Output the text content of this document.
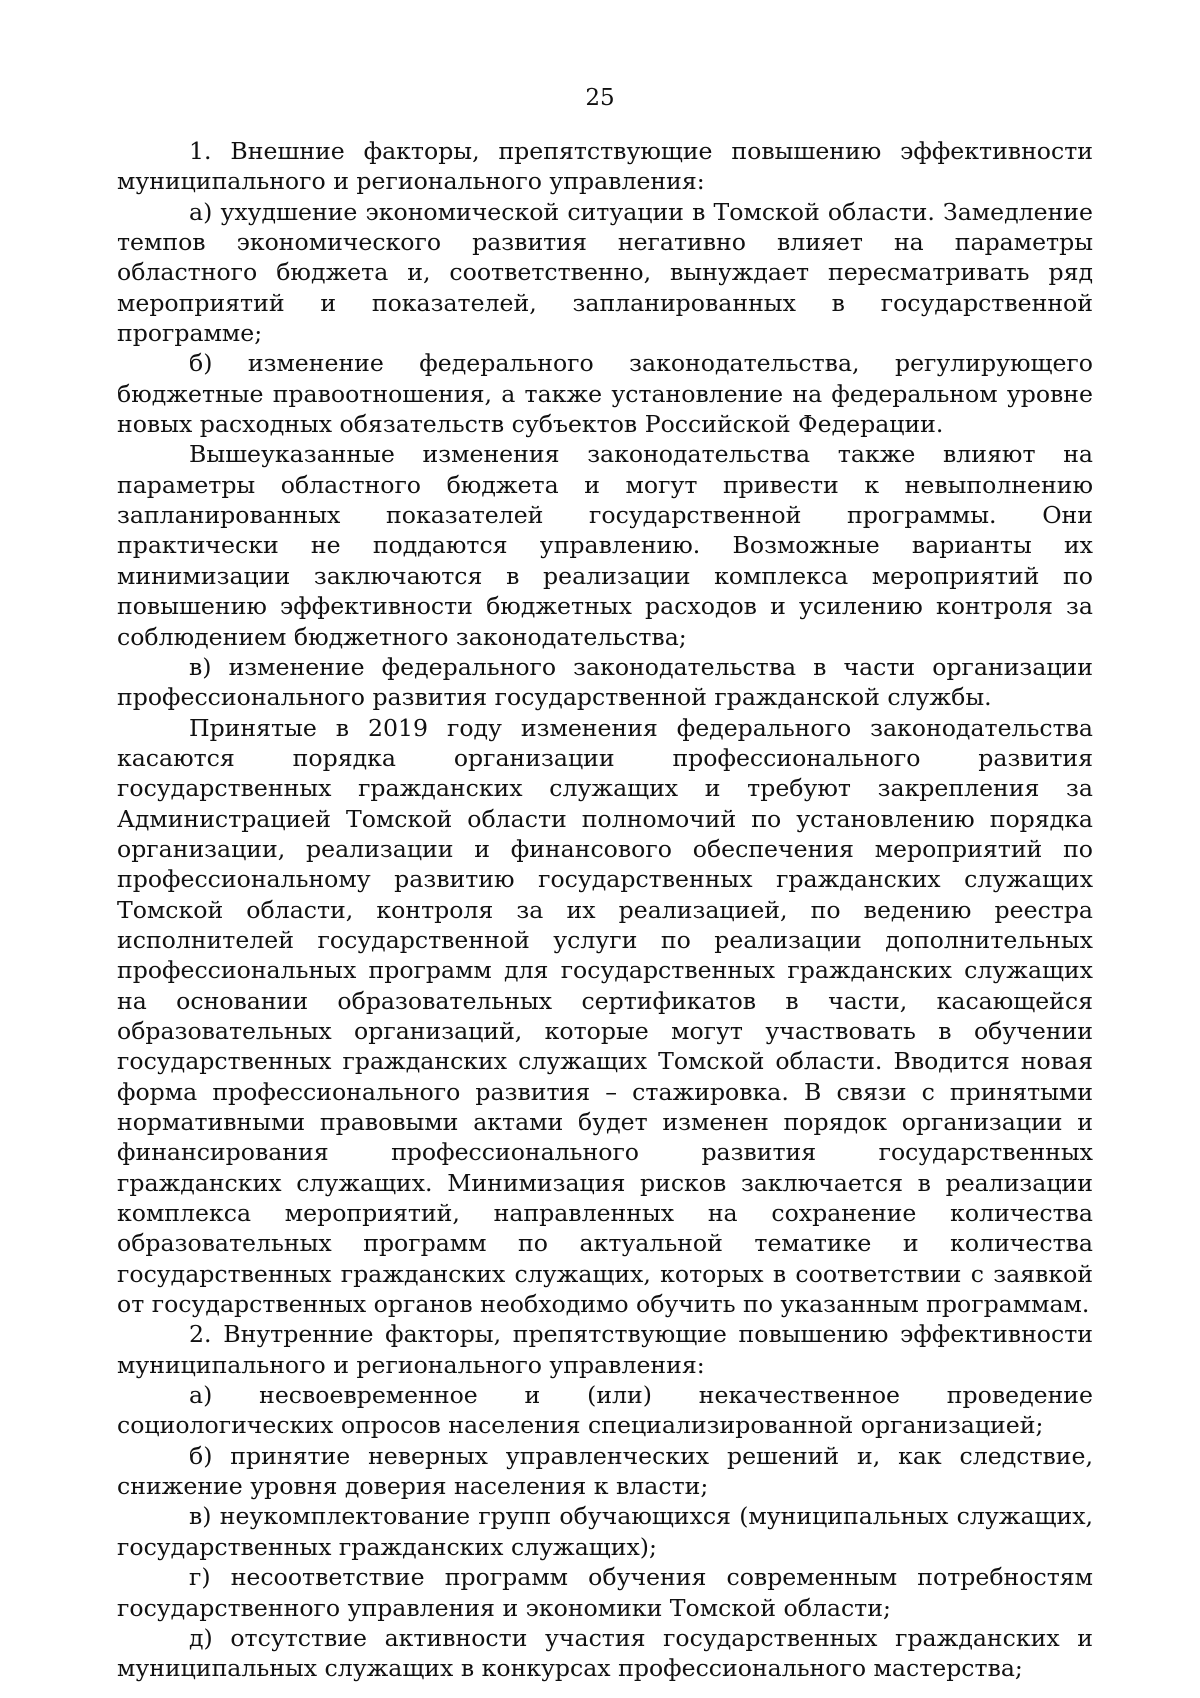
25

1. Внешние факторы, препятствующие повышению эффективности муниципального и регионального управления:

а) ухудшение экономической ситуации в Томской области. Замедление темпов экономического развития негативно влияет на параметры областного бюджета и, соответственно, вынуждает пересматривать ряд мероприятий и показателей, запланированных в государственной программе;

б) изменение федерального законодательства, регулирующего бюджетные правоотношения, а также установление на федеральном уровне новых расходных обязательств субъектов Российской Федерации.

Вышеуказанные изменения законодательства также влияют на параметры областного бюджета и могут привести к невыполнению запланированных показателей государственной программы. Они практически не поддаются управлению. Возможные варианты их минимизации заключаются в реализации комплекса мероприятий по повышению эффективности бюджетных расходов и усилению контроля за соблюдением бюджетного законодательства;

в) изменение федерального законодательства в части организации профессионального развития государственной гражданской службы.

Принятые в 2019 году изменения федерального законодательства касаются порядка организации профессионального развития государственных гражданских служащих и требуют закрепления за Администрацией Томской области полномочий по установлению порядка организации, реализации и финансового обеспечения мероприятий по профессиональному развитию государственных гражданских служащих Томской области, контроля за их реализацией, по ведению реестра исполнителей государственной услуги по реализации дополнительных профессиональных программ для государственных гражданских служащих на основании образовательных сертификатов в части, касающейся образовательных организаций, которые могут участвовать в обучении государственных гражданских служащих Томской области. Вводится новая форма профессионального развития – стажировка. В связи с принятыми нормативными правовыми актами будет изменен порядок организации и финансирования профессионального развития государственных гражданских служащих. Минимизация рисков заключается в реализации комплекса мероприятий, направленных на сохранение количества образовательных программ по актуальной тематике и количества государственных гражданских служащих, которых в соответствии с заявкой от государственных органов необходимо обучить по указанным программам.

2. Внутренние факторы, препятствующие повышению эффективности муниципального и регионального управления:

а) несвоевременное и (или) некачественное проведение социологических опросов населения специализированной организацией;

б) принятие неверных управленческих решений и, как следствие, снижение уровня доверия населения к власти;

в) неукомплектование групп обучающихся (муниципальных служащих, государственных гражданских служащих);

г) несоответствие программ обучения современным потребностям государственного управления и экономики Томской области;

д) отсутствие активности участия государственных гражданских и муниципальных служащих в конкурсах профессионального мастерства;
